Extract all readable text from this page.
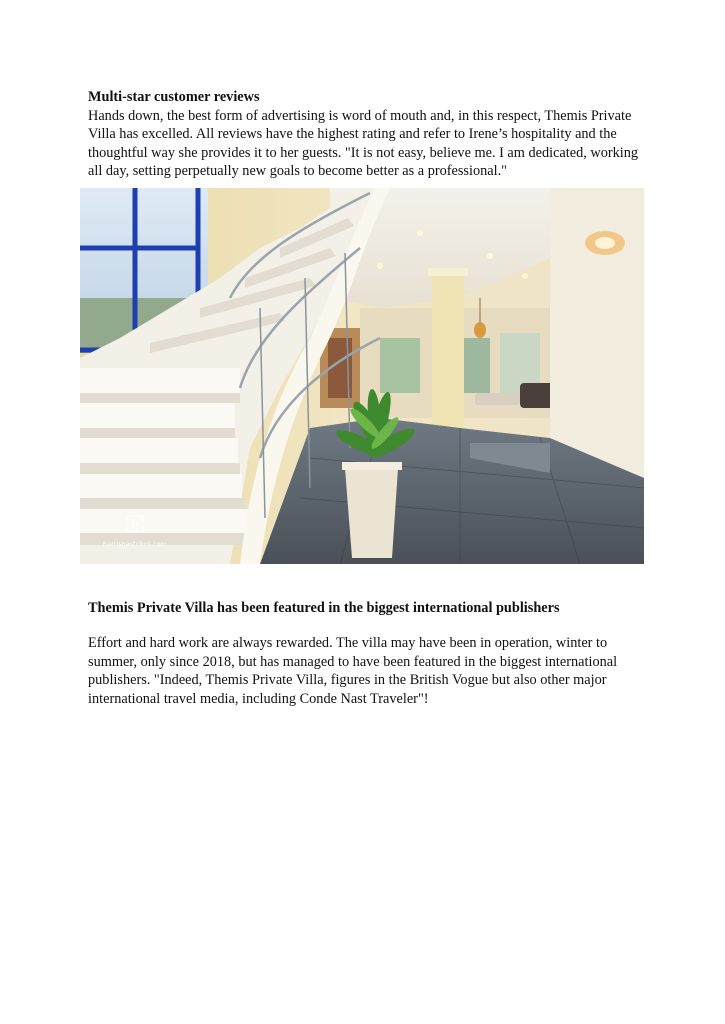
Multi-star customer reviews

Hands down, the best form of advertising is word of mouth and, in this respect, Themis Private Villa has excelled. All reviews have the highest rating and refer to Irene’s hospitality and the thoughtful way she provides it to her guests. "It is not easy, believe me. I am dedicated, working all day, setting perpetually new goals to become better as a professional."

h
harrispastrikos.com

Themis Private Villa has been featured in the biggest international publishers

Effort and hard work are always rewarded. The villa may have been in operation, winter to summer, only since 2018, but has managed to have been featured in the biggest international publishers. "Indeed, Themis Private Villa, figures in the British Vogue but also other major international travel media, including Conde Nast Traveler"!
